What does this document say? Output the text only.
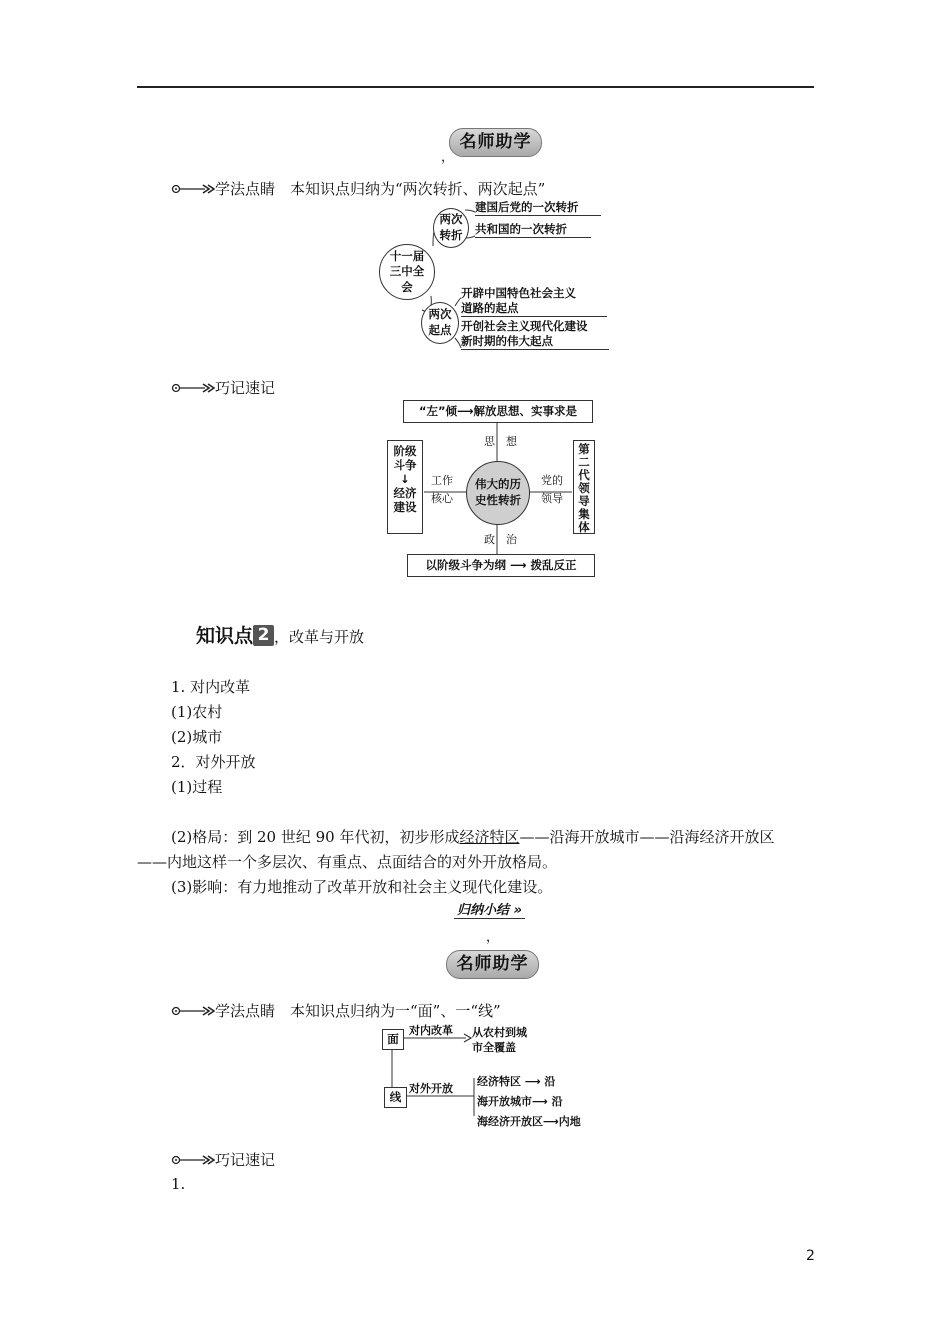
名师助学
，
学法点睛　本知识点归纳为“两次转折、两次起点”
十一届三中全会
两次转折
建国后党的一次转折
共和国的一次转折
两次起点
开辟中国特色社会主义
道路的起点
开创社会主义现代化建设
新时期的伟大起点
巧记速记
“左”倾⟶解放思想、实事求是
阶级
斗争
↓
经济
建设
第二代领导集体
伟大的历
史性转折
思　想
工作
核心
党的
领导
政　治
以阶级斗争为纲 ⟶ 拨乱反正
知识点 2 ，改革与开放
1. 对内改革
(1)农村
(2)城市
2．对外开放
(1)过程
(2)格局：到 20 世纪 90 年代初，初步形成经济特区——沿海开放城市——沿海经济开放区
——内地这样一个多层次、有重点、点面结合的对外开放格局。
(3)影响：有力地推动了改革开放和社会主义现代化建设。
归纳小结 »
，
名师助学
学法点睛　本知识点归纳为一“面”、一“线”
面
对内改革 从农村到城
市全覆盖
线
对外开放
经济特区 ⟶ 沿
海开放城市⟶ 沿
海经济开放区⟶内地
巧记速记
1.
2
